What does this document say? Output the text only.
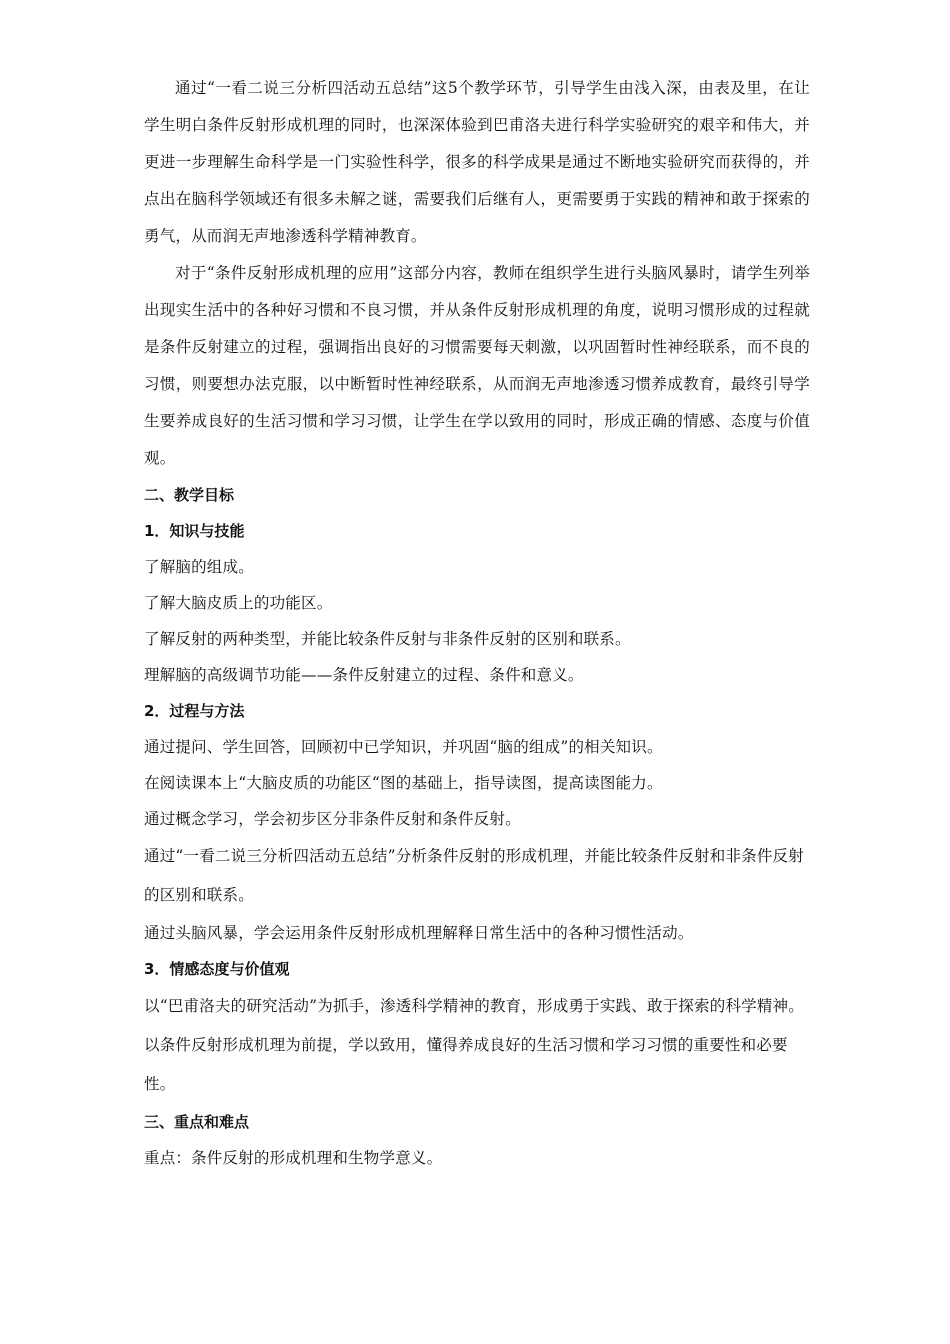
通过“一看二说三分析四活动五总结”这5个教学环节，引导学生由浅入深，由表及里，在让学生明白条件反射形成机理的同时，也深深体验到巴甫洛夫进行科学实验研究的艰辛和伟大，并更进一步理解生命科学是一门实验性科学，很多的科学成果是通过不断地实验研究而获得的，并点出在脑科学领域还有很多未解之谜，需要我们后继有人，更需要勇于实践的精神和敢于探索的勇气，从而润无声地渗透科学精神教育。

对于“条件反射形成机理的应用”这部分内容，教师在组织学生进行头脑风暴时，请学生列举出现实生活中的各种好习惯和不良习惯，并从条件反射形成机理的角度，说明习惯形成的过程就是条件反射建立的过程，强调指出良好的习惯需要每天刺激，以巩固暂时性神经联系，而不良的习惯，则要想办法克服，以中断暂时性神经联系，从而润无声地渗透习惯养成教育，最终引导学生要养成良好的生活习惯和学习习惯，让学生在学以致用的同时，形成正确的情感、态度与价值观。

二、教学目标

1．知识与技能

了解脑的组成。

了解大脑皮质上的功能区。

了解反射的两种类型，并能比较条件反射与非条件反射的区别和联系。

理解脑的高级调节功能——条件反射建立的过程、条件和意义。

2．过程与方法

通过提问、学生回答，回顾初中已学知识，并巩固“脑的组成”的相关知识。

在阅读课本上“大脑皮质的功能区“图的基础上，指导读图，提高读图能力。

通过概念学习，学会初步区分非条件反射和条件反射。

通过“一看二说三分析四活动五总结”分析条件反射的形成机理，并能比较条件反射和非条件反射的区别和联系。

通过头脑风暴，学会运用条件反射形成机理解释日常生活中的各种习惯性活动。

3．情感态度与价值观

以“巴甫洛夫的研究活动”为抓手，渗透科学精神的教育，形成勇于实践、敢于探索的科学精神。

以条件反射形成机理为前提，学以致用，懂得养成良好的生活习惯和学习习惯的重要性和必要性。

三、重点和难点

重点：条件反射的形成机理和生物学意义。
